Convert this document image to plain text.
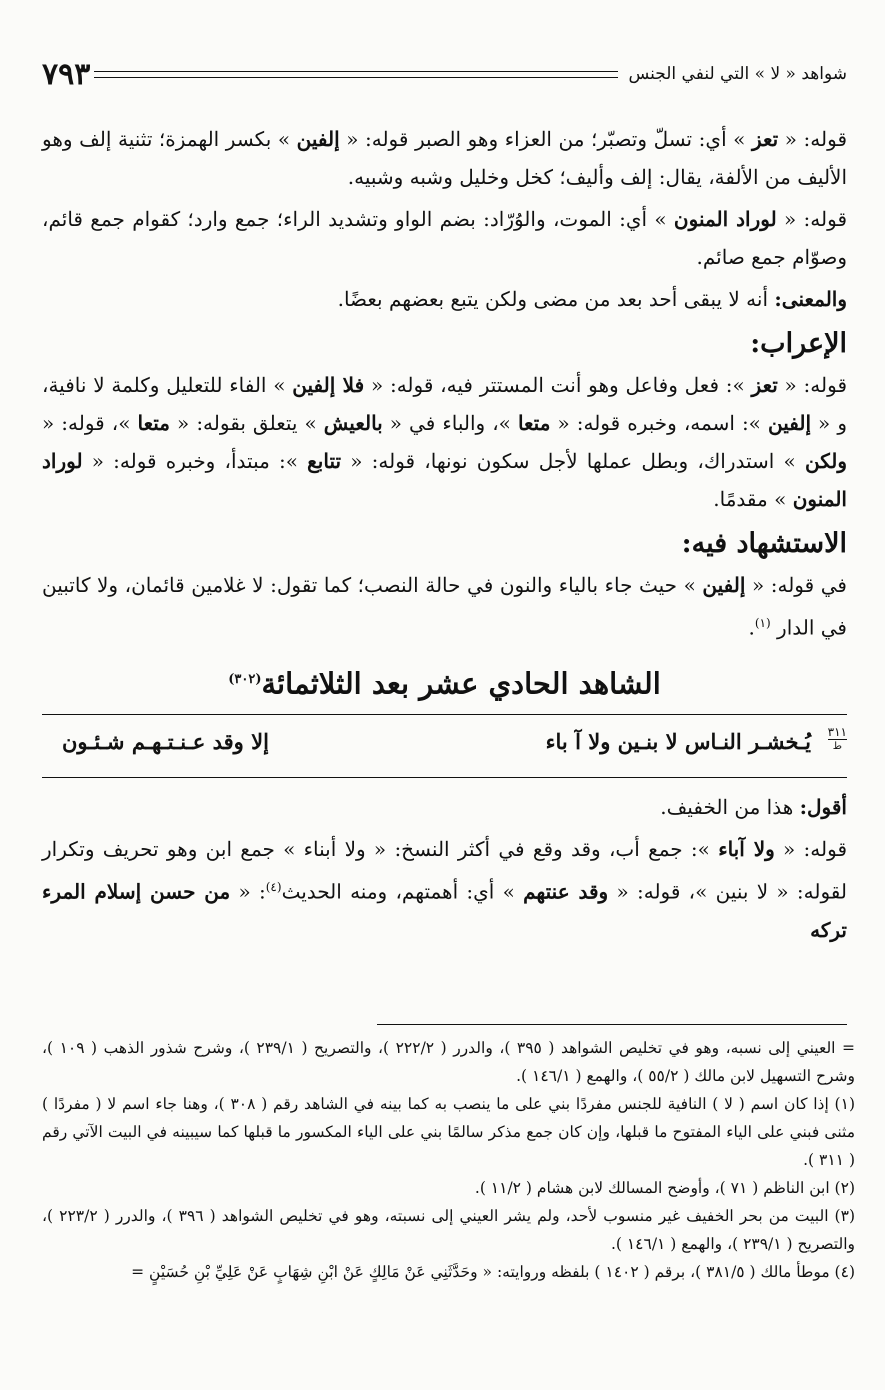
شواهد « لا » التي لنفي الجنس
٧٩٣

قوله: « تعز » أي: تسلّ وتصبّر؛ من العزاء وهو الصبر قوله: « إلفين » بكسر الهمزة؛ تثنية إلف وهو الأليف من الألفة، يقال: إلف وأليف؛ كخل وخليل وشبه وشبيه.

قوله: « لوراد المنون » أي: الموت، والوُرّاد: بضم الواو وتشديد الراء؛ جمع وارد؛ كقوام جمع قائم، وصوّام جمع صائم.

والمعنى: أنه لا يبقى أحد بعد من مضى ولكن يتبع بعضهم بعضًا.

الإعراب:

قوله: « تعز »: فعل وفاعل وهو أنت المستتر فيه، قوله: « فلا إلفين » الفاء للتعليل وكلمة لا نافية، و « إلفين »: اسمه، وخبره قوله: « متعا »، والباء في « بالعيش » يتعلق بقوله: « متعا »، قوله: « ولكن » استدراك، وبطل عملها لأجل سكون نونها، قوله: « تتابع »: مبتدأ، وخبره قوله: « لوراد المنون » مقدمًا.

الاستشهاد فيه:

في قوله: « إلفين » حيث جاء بالياء والنون في حالة النصب؛ كما تقول: لا غلامين قائمان، ولا كاتبين في الدار $^{(١)}$.

الشاهد الحادي عشر بعد الثلاثمائة$^{(٣٠٢)}$
٣١١
ط
يُـخشـر النـاس لا بنـين ولا آ باء
إلا وقد عـنـتـهـم شـئـون

أقول: هذا من الخفيف.

قوله: « ولا آباء »: جمع أب، وقد وقع في أكثر النسخ: « ولا أبناء » جمع ابن وهو تحريف وتكرار لقوله: « لا بنين »، قوله: « وقد عنتهم » أي: أهمتهم، ومنه الحديث$^{(٤)}$: « من حسن إسلام المرء تركه

= العيني إلى نسبه، وهو في تخليص الشواهد ( ٣٩٥ )، والدرر ( ٢٢٢/٢ )، والتصريح ( ٢٣٩/١ )، وشرح شذور الذهب ( ١٠٩ )، وشرح التسهيل لابن مالك ( ٥٥/٢ )، والهمع ( ١٤٦/١ ).

(١) إذا كان اسم ( لا ) النافية للجنس مفردًا بني على ما ينصب به كما بينه في الشاهد رقم ( ٣٠٨ )، وهنا جاء اسم لا ( مفردًا ) مثنى فبني على الياء المفتوح ما قبلها، وإن كان جمع مذكر سالمًا بني على الياء المكسور ما قبلها كما سيبينه في البيت الآتي رقم ( ٣١١ ).

(٢) ابن الناظم ( ٧١ )، وأوضح المسالك لابن هشام ( ١١/٢ ).

(٣) البيت من بحر الخفيف غير منسوب لأحد، ولم يشر العيني إلى نسبته، وهو في تخليص الشواهد ( ٣٩٦ )، والدرر ( ٢٢٣/٢ )، والتصريح ( ٢٣٩/١ )، والهمع ( ١٤٦/١ ).

(٤) موطأ مالك ( ٣٨١/٥ )، برقم ( ١٤٠٢ ) بلفظه وروايته: « وحَدَّثَنِي عَنْ مَالِكٍ عَنْ ابْنِ شِهَابٍ عَنْ عَلِيِّ بْنِ حُسَيْنٍ =
